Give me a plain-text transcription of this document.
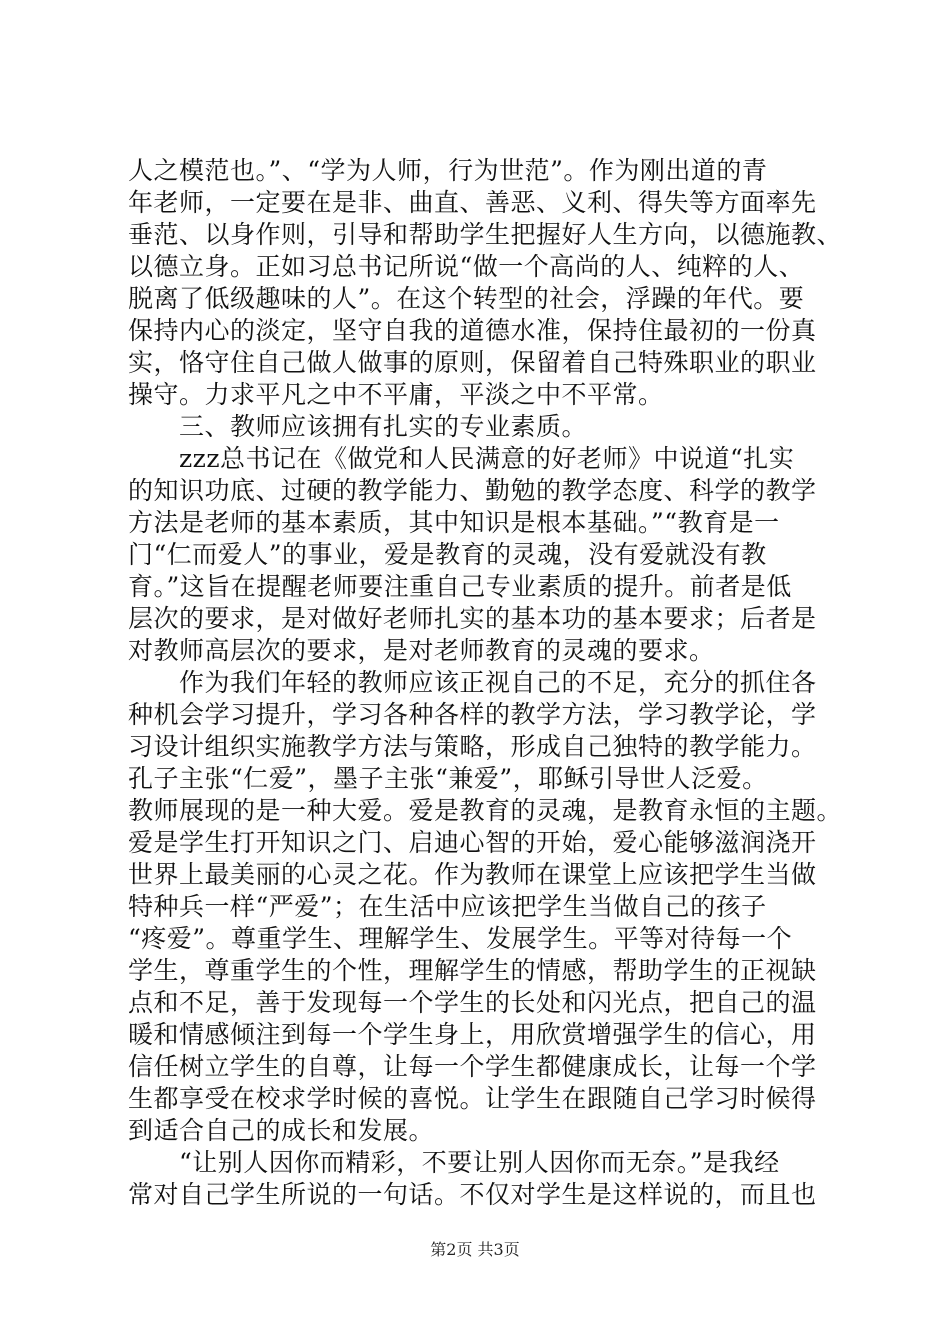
人之模范也。”、“学为人师，行为世范”。作为刚出道的青
年老师，一定要在是非、曲直、善恶、义利、得失等方面率先
垂范、以身作则，引导和帮助学生把握好人生方向，以德施教、
以德立身。正如习总书记所说“做一个高尚的人、纯粹的人、
脱离了低级趣味的人”。在这个转型的社会，浮躁的年代。要
保持内心的淡定，坚守自我的道德水准，保持住最初的一份真
实，恪守住自己做人做事的原则，保留着自己特殊职业的职业
操守。力求平凡之中不平庸，平淡之中不平常。
　　三、教师应该拥有扎实的专业素质。
　　zzz总书记在《做党和人民满意的好老师》中说道“扎实
的知识功底、过硬的教学能力、勤勉的教学态度、科学的教学
方法是老师的基本素质，其中知识是根本基础。”“教育是一
门“仁而爱人”的事业，爱是教育的灵魂，没有爱就没有教
育。”这旨在提醒老师要注重自己专业素质的提升。前者是低
层次的要求，是对做好老师扎实的基本功的基本要求；后者是
对教师高层次的要求，是对老师教育的灵魂的要求。
　　作为我们年轻的教师应该正视自己的不足，充分的抓住各
种机会学习提升，学习各种各样的教学方法，学习教学论，学
习设计组织实施教学方法与策略，形成自己独特的教学能力。
孔子主张“仁爱”，墨子主张“兼爱”，耶稣引导世人泛爱。
教师展现的是一种大爱。爱是教育的灵魂，是教育永恒的主题。
爱是学生打开知识之门、启迪心智的开始，爱心能够滋润浇开
世界上最美丽的心灵之花。作为教师在课堂上应该把学生当做
特种兵一样“严爱”；在生活中应该把学生当做自己的孩子
“疼爱”。尊重学生、理解学生、发展学生。平等对待每一个
学生，尊重学生的个性，理解学生的情感，帮助学生的正视缺
点和不足，善于发现每一个学生的长处和闪光点，把自己的温
暖和情感倾注到每一个学生身上，用欣赏增强学生的信心，用
信任树立学生的自尊，让每一个学生都健康成长，让每一个学
生都享受在校求学时候的喜悦。让学生在跟随自己学习时候得
到适合自己的成长和发展。
　　“让别人因你而精彩，不要让别人因你而无奈。”是我经
常对自己学生所说的一句话。不仅对学生是这样说的，而且也
第2页 共3页
